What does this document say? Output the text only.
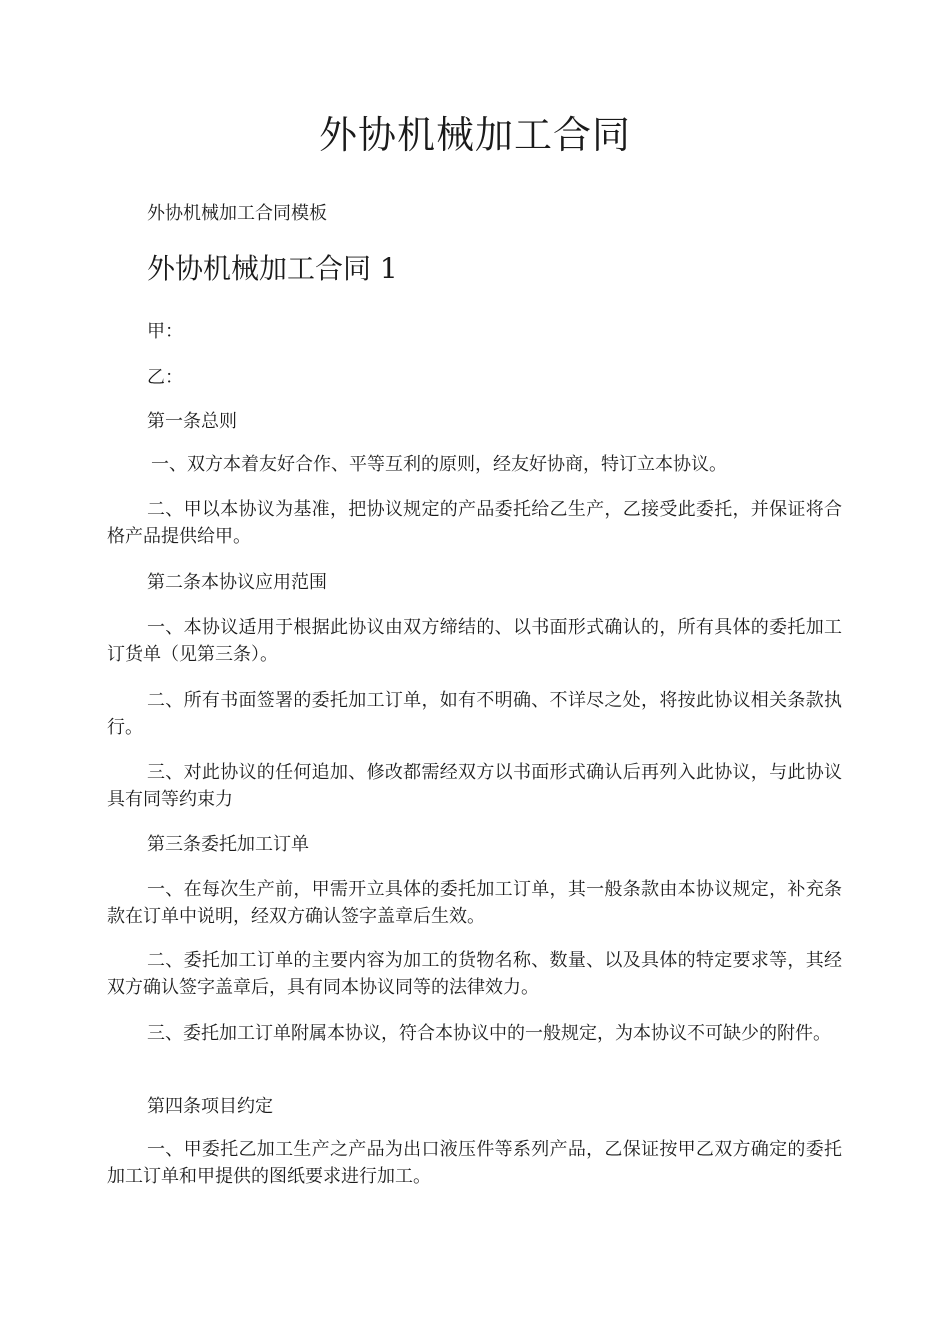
外协机械加工合同

外协机械加工合同模板

外协机械加工合同 1

甲：

乙：

第一条总则

一、双方本着友好合作、平等互利的原则，经友好协商，特订立本协议。

二、甲以本协议为基准，把协议规定的产品委托给乙生产，乙接受此委托，并保证将合格产品提供给甲。

第二条本协议应用范围

一、本协议适用于根据此协议由双方缔结的、以书面形式确认的，所有具体的委托加工订货单（见第三条）。

二、所有书面签署的委托加工订单，如有不明确、不详尽之处，将按此协议相关条款执行。

三、对此协议的任何追加、修改都需经双方以书面形式确认后再列入此协议，与此协议具有同等约束力

第三条委托加工订单

一、在每次生产前，甲需开立具体的委托加工订单，其一般条款由本协议规定，补充条款在订单中说明，经双方确认签字盖章后生效。

二、委托加工订单的主要内容为加工的货物名称、数量、以及具体的特定要求等，其经双方确认签字盖章后，具有同本协议同等的法律效力。

三、委托加工订单附属本协议，符合本协议中的一般规定，为本协议不可缺少的附件。

第四条项目约定

一、甲委托乙加工生产之产品为出口液压件等系列产品，乙保证按甲乙双方确定的委托加工订单和甲提供的图纸要求进行加工。
